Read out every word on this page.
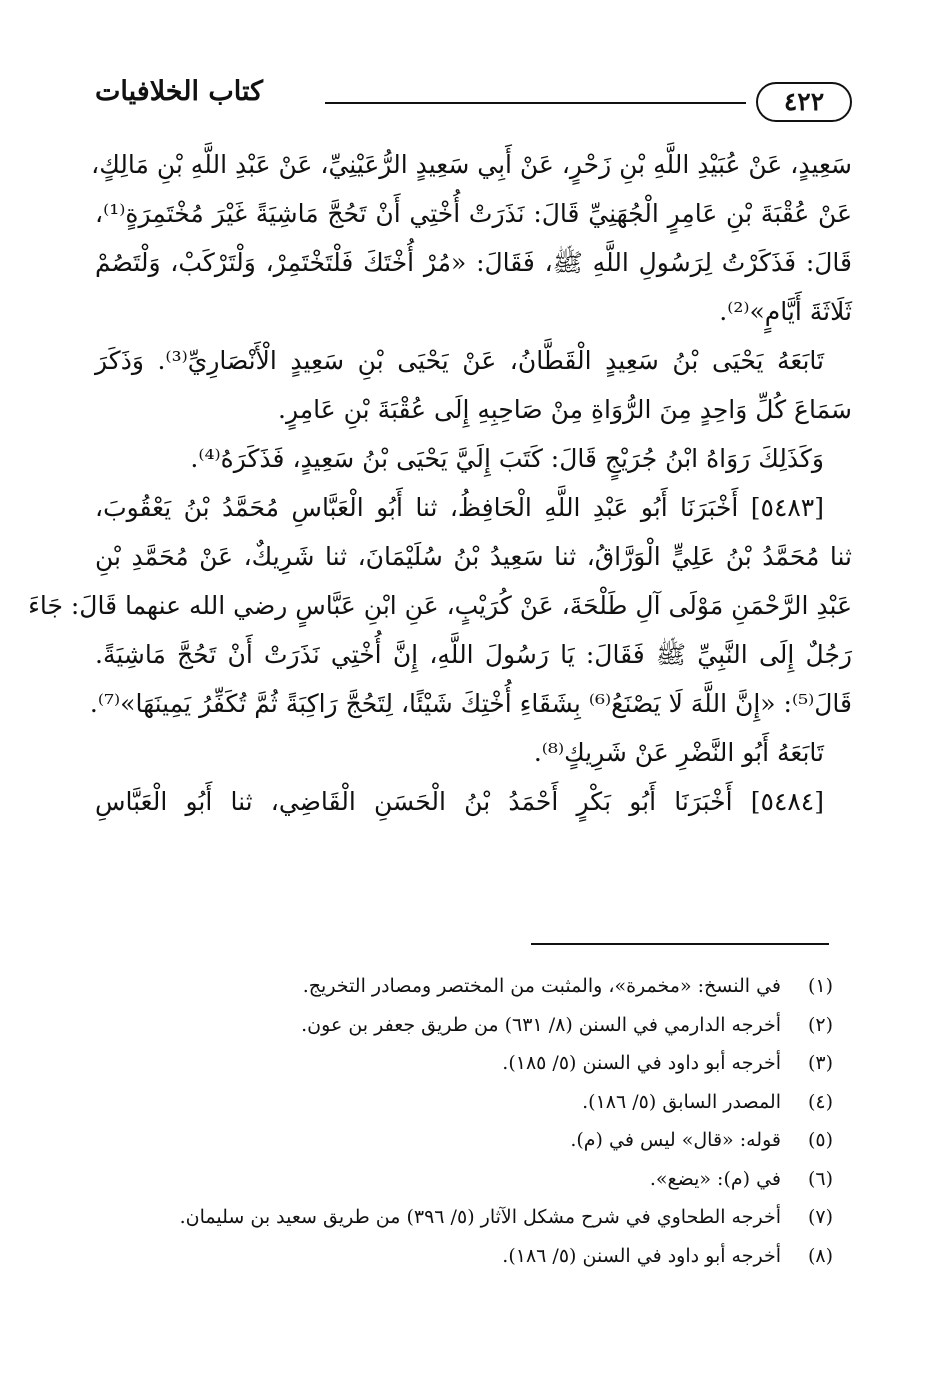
٤٢٢
كتاب الخلافيات
سَعِيدٍ، عَنْ عُبَيْدِ اللَّهِ بْنِ زَحْرٍ، عَنْ أَبِي سَعِيدٍ الرُّعَيْنِيِّ، عَنْ عَبْدِ اللَّهِ بْنِ مَالِكٍ،
عَنْ عُقْبَةَ بْنِ عَامِرٍ الْجُهَنِيِّ قَالَ: نَذَرَتْ أُخْتِي أَنْ تَحُجَّ مَاشِيَةً غَيْرَ مُخْتَمِرَةٍ⁽¹⁾،
قَالَ: فَذَكَرْتُ لِرَسُولِ اللَّهِ ﷺ، فَقَالَ: «مُرْ أُخْتَكَ فَلْتَخْتَمِرْ، وَلْتَرْكَبْ، وَلْتَصُمْ
ثَلَاثَةَ أَيَّامٍ»⁽²⁾.
تَابَعَهُ يَحْيَى بْنُ سَعِيدٍ الْقَطَّانُ، عَنْ يَحْيَى بْنِ سَعِيدٍ الْأَنْصَارِيِّ⁽³⁾. وَذَكَرَ
سَمَاعَ كُلِّ وَاحِدٍ مِنَ الرُّوَاةِ مِنْ صَاحِبِهِ إِلَى عُقْبَةَ بْنِ عَامِرٍ.
وَكَذَلِكَ رَوَاهُ ابْنُ جُرَيْجٍ قَالَ: كَتَبَ إِلَيَّ يَحْيَى بْنُ سَعِيدٍ، فَذَكَرَهُ⁽⁴⁾.
[٥٤٨٣] أَخْبَرَنَا أَبُو عَبْدِ اللَّهِ الْحَافِظُ، ثنا أَبُو الْعَبَّاسِ مُحَمَّدُ بْنُ يَعْقُوبَ،
ثنا مُحَمَّدُ بْنُ عَلِيٍّ الْوَرَّاقُ، ثنا سَعِيدُ بْنُ سُلَيْمَانَ، ثنا شَرِيكٌ، عَنْ مُحَمَّدِ بْنِ
عَبْدِ الرَّحْمَنِ مَوْلَى آلِ طَلْحَةَ، عَنْ كُرَيْبٍ، عَنِ ابْنِ عَبَّاسٍ رضي الله عنهما قَالَ: جَاءَ
رَجُلٌ إِلَى النَّبِيِّ ﷺ فَقَالَ: يَا رَسُولَ اللَّهِ، إِنَّ أُخْتِي نَذَرَتْ أَنْ تَحُجَّ مَاشِيَةً.
قَالَ⁽⁵⁾: «إِنَّ اللَّهَ لَا يَصْنَعُ⁽⁶⁾ بِشَقَاءِ أُخْتِكَ شَيْئًا، لِتَحُجَّ رَاكِبَةً ثُمَّ تُكَفِّرُ يَمِينَهَا»⁽⁷⁾.
تَابَعَهُ أَبُو النَّضْرِ عَنْ شَرِيكٍ⁽⁸⁾.
[٥٤٨٤] أَخْبَرَنَا أَبُو بَكْرٍ أَحْمَدُ بْنُ الْحَسَنِ الْقَاضِي، ثنا أَبُو الْعَبَّاسِ
(١)
في النسخ: «مخمرة»، والمثبت من المختصر ومصادر التخريج.
(٢)
أخرجه الدارمي في السنن (٨/ ٦٣١) من طريق جعفر بن عون.
(٣)
أخرجه أبو داود في السنن (٥/ ١٨٥).
(٤)
المصدر السابق (٥/ ١٨٦).
(٥)
قوله: «قال» ليس في (م).
(٦)
في (م): «يضع».
(٧)
أخرجه الطحاوي في شرح مشكل الآثار (٥/ ٣٩٦) من طريق سعيد بن سليمان.
(٨)
أخرجه أبو داود في السنن (٥/ ١٨٦).
